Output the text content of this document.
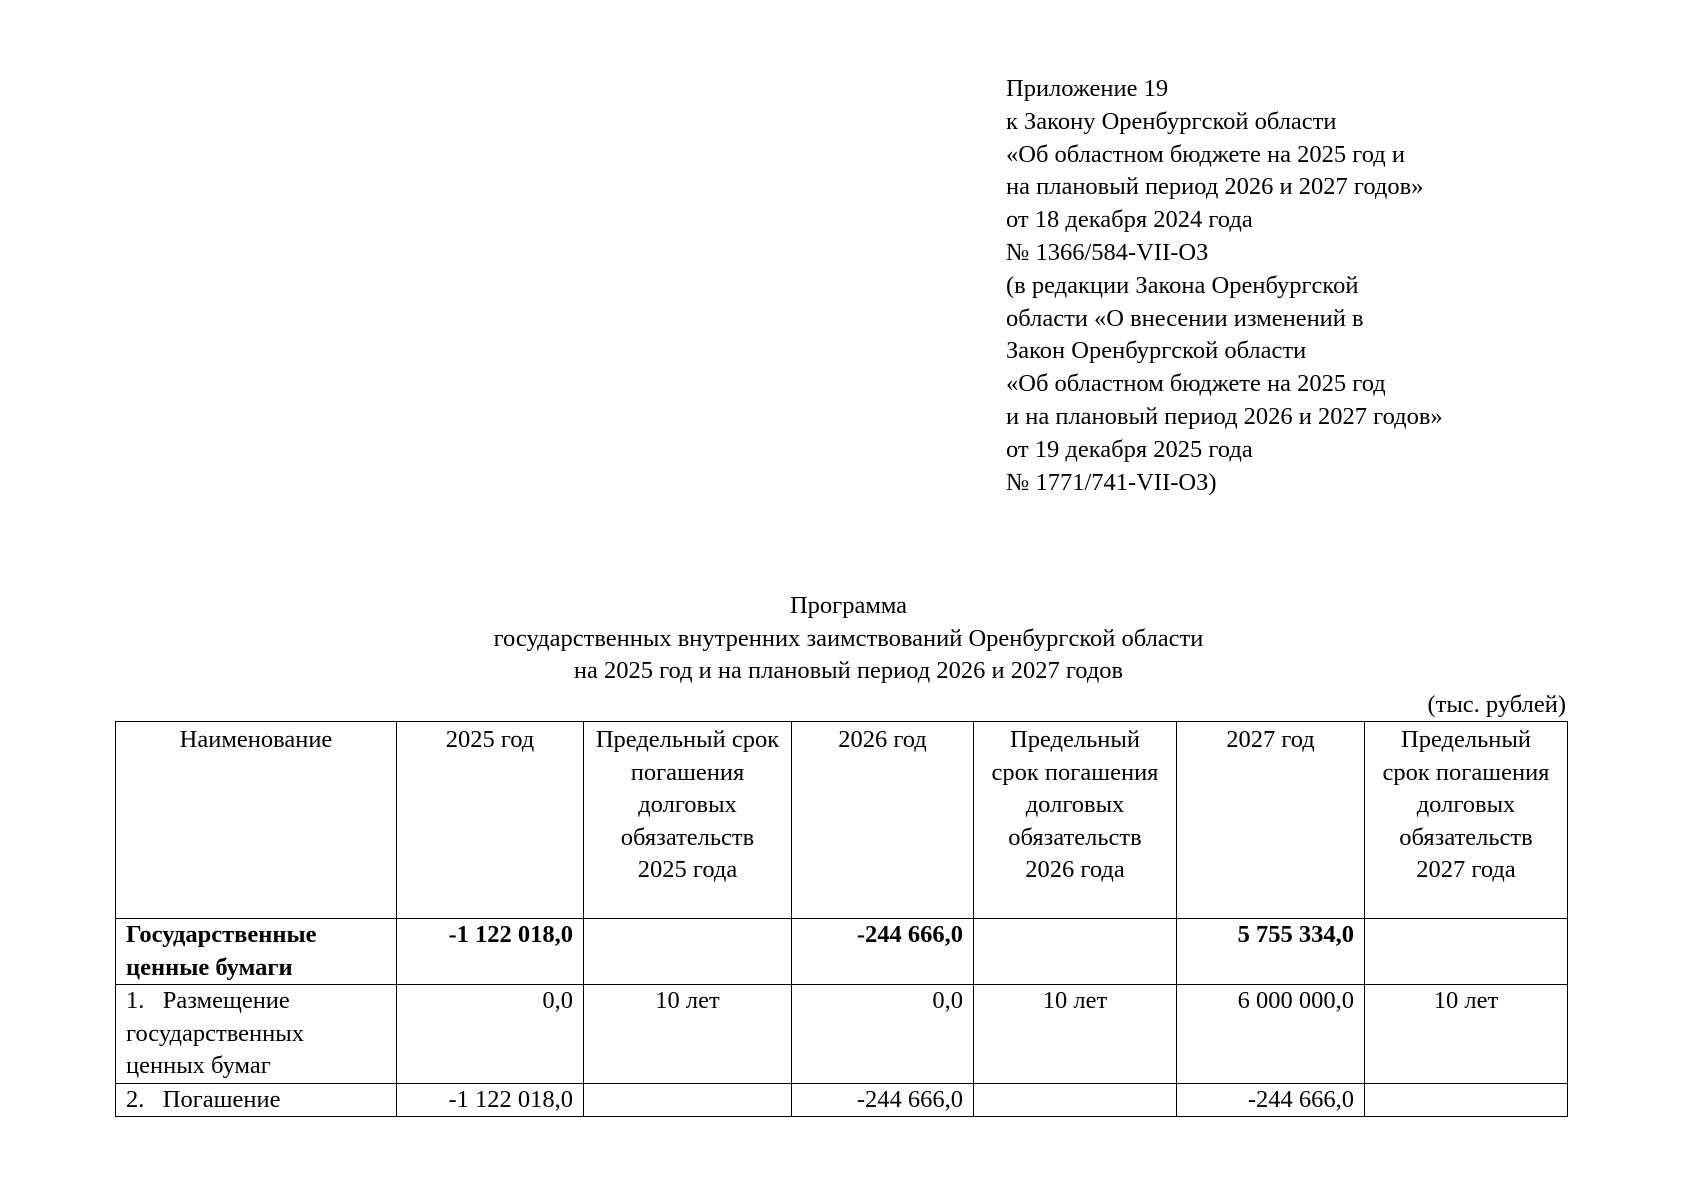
Приложение 19
к Закону Оренбургской области
«Об областном бюджете на 2025 год и
на плановый период 2026 и 2027 годов»
от 18 декабря 2024 года
№ 1366/584-VII-ОЗ
(в редакции Закона Оренбургской
области «О внесении изменений в
Закон Оренбургской области
«Об областном бюджете на 2025 год
и на плановый период 2026 и 2027 годов»
от 19 декабря 2025 года
№ 1771/741-VII-ОЗ)
Программа
государственных внутренних заимствований Оренбургской области
на 2025 год и на плановый период 2026 и 2027 годов
(тыс. рублей)
Наименование	2025 год	Предельный срок погашения долговых обязательств 2025 года	2026 год	Предельный срок погашения долговых обязательств 2026 года	2027 год	Предельный срок погашения долговых обязательств 2027 года
Государственные ценные бумаги	-1 122 018,0		-244 666,0		5 755 334,0	
1.   Размещение государственных ценных бумаг	0,0	10 лет	0,0	10 лет	6 000 000,0	10 лет
2.   Погашение	-1 122 018,0		-244 666,0		-244 666,0	
